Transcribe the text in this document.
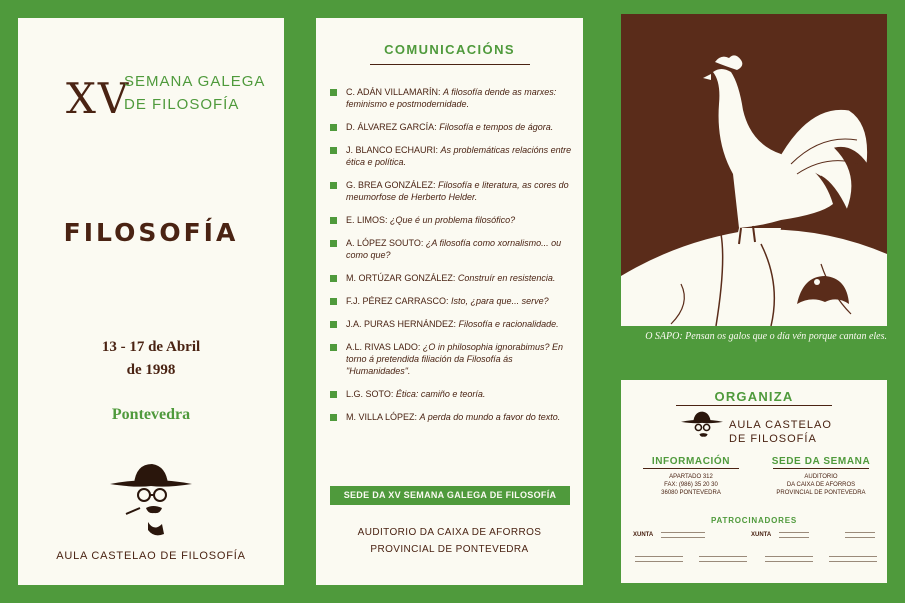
XV
SEMANA GALEGA
DE FILOSOFÍA
FILOSOFÍA
13 - 17 de Abril
de 1998
Pontevedra
AULA CASTELAO DE FILOSOFÍA
COMUNICACIÓNS
C. ADÁN VILLAMARÍN: A filosofía dende as marxes: feminismo e postmodernidade.
D. ÁLVAREZ GARCÍA: Filosofía e tempos de ágora.
J. BLANCO ECHAURI: As problemáticas relacións entre ética e política.
G. BREA GONZÁLEZ: Filosofía e literatura, as cores do meumorfose de Herberto Helder.
E. LIMOS: ¿Que é un problema filosófico?
A. LÓPEZ SOUTO: ¿A filosofía como xornalismo... ou como que?
M. ORTÚZAR GONZÁLEZ: Construír en resistencia.
F.J. PÉREZ CARRASCO: Isto, ¿para que... serve?
J.A. PURAS HERNÁNDEZ: Filosofía e racionalidade.
A.L. RIVAS LADO: ¿O in philosophia ignorabimus? En torno á pretendida filiación da Filosofía ás "Humanidades".
L.G. SOTO: Ética: camiño e teoría.
M. VILLA LÓPEZ: A perda do mundo a favor do texto.
SEDE DA XV SEMANA GALEGA DE FILOSOFÍA
AUDITORIO DA CAIXA DE AFORROS
PROVINCIAL DE PONTEVEDRA
O SAPO: Pensan os galos que o día vén porque cantan eles.
ORGANIZA
AULA CASTELAO
DE FILOSOFÍA
INFORMACIÓN
APARTADO 312
FAX: (986) 35 20 30
36080 PONTEVEDRA
SEDE DA SEMANA
AUDITORIO
DA CAIXA DE AFORROS
PROVINCIAL DE PONTEVEDRA
PATROCINADORES
XUNTA	XUNTA
